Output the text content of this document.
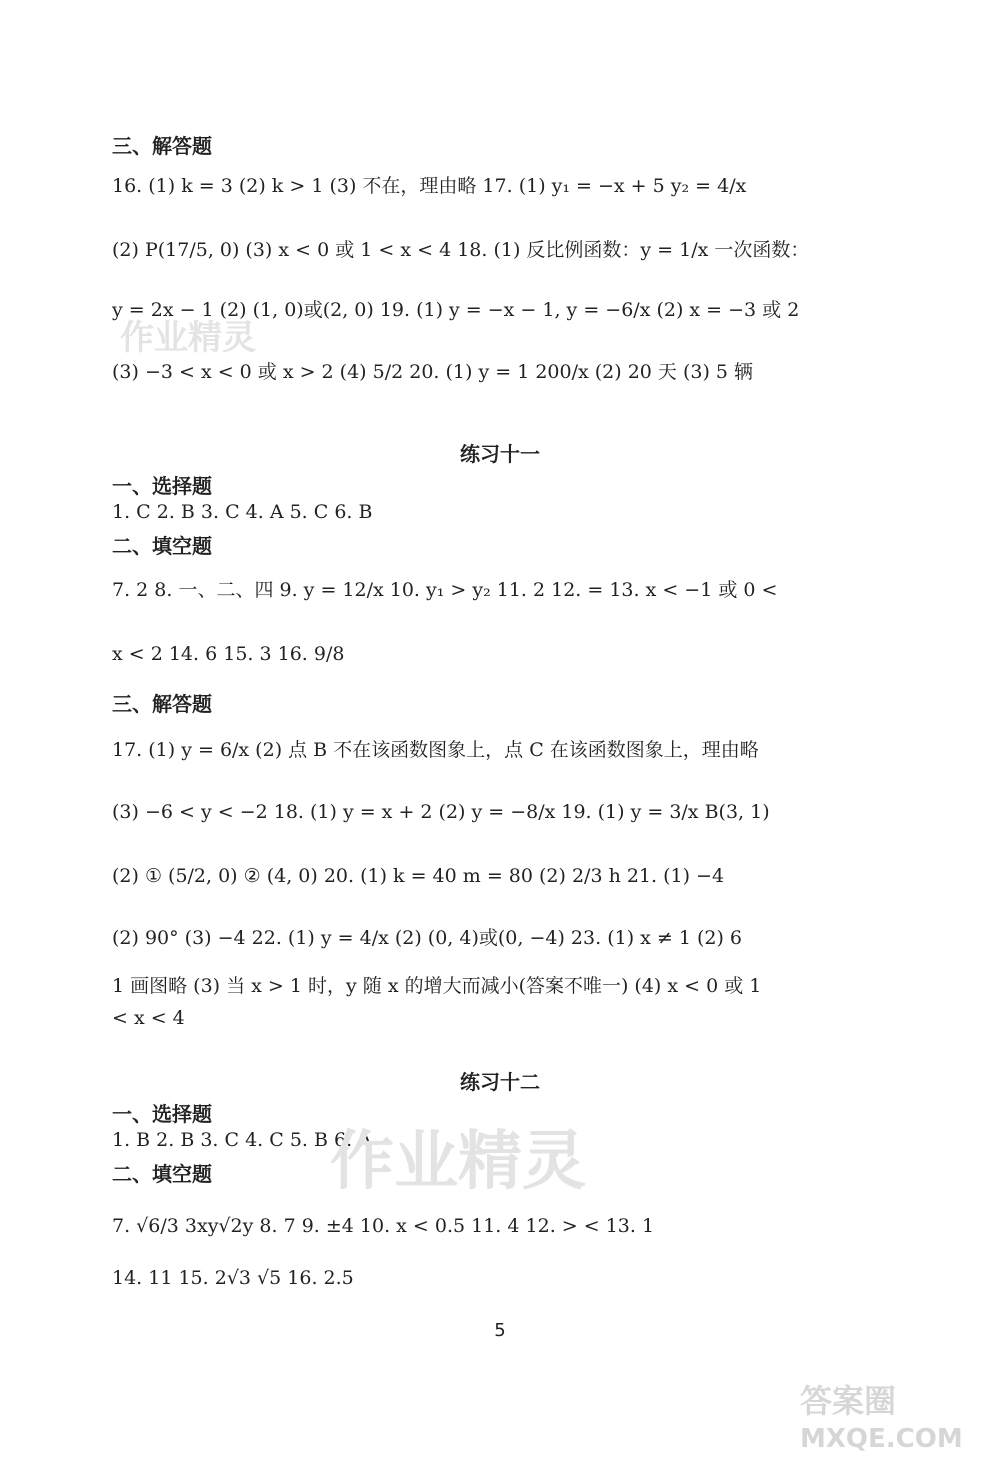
三、解答题
16. (1) k = 3 (2) k > 1 (3) 不在，理由略 17. (1) y₁ = −x + 5 y₂ = 4/x
(2) P(17/5, 0) (3) x < 0 或 1 < x < 4 18. (1) 反比例函数：y = 1/x 一次函数：
y = 2x − 1 (2) (1, 0)或(2, 0) 19. (1) y = −x − 1, y = −6/x (2) x = −3 或 2
(3) −3 < x < 0 或 x > 2 (4) 5/2 20. (1) y = 1 200/x (2) 20 天 (3) 5 辆
练习十一
一、选择题
1. C 2. B 3. C 4. A 5. C 6. B
二、填空题
7. 2 8. 一、二、四 9. y = 12/x 10. y₁ > y₂ 11. 2 12. = 13. x < −1 或 0 <
x < 2 14. 6 15. 3 16. 9/8
三、解答题
17. (1) y = 6/x (2) 点 B 不在该函数图象上，点 C 在该函数图象上，理由略
(3) −6 < y < −2 18. (1) y = x + 2 (2) y = −8/x 19. (1) y = 3/x B(3, 1)
(2) ① (5/2, 0) ② (4, 0) 20. (1) k = 40 m = 80 (2) 2/3 h 21. (1) −4
(2) 90° (3) −4 22. (1) y = 4/x (2) (0, 4)或(0, −4) 23. (1) x ≠ 1 (2) 6
1 画图略 (3) 当 x > 1 时，y 随 x 的增大而减小(答案不唯一) (4) x < 0 或 1
< x < 4
练习十二
一、选择题
1. B 2. B 3. C 4. C 5. B 6. A
二、填空题
7. √6/3 3xy√2y 8. 7 9. ±4 10. x < 0.5 11. 4 12. > < 13. 1
14. 11 15. 2√3 √5 16. 2.5
5
作业精灵
作业精灵
答案圈
MXQE.COM
